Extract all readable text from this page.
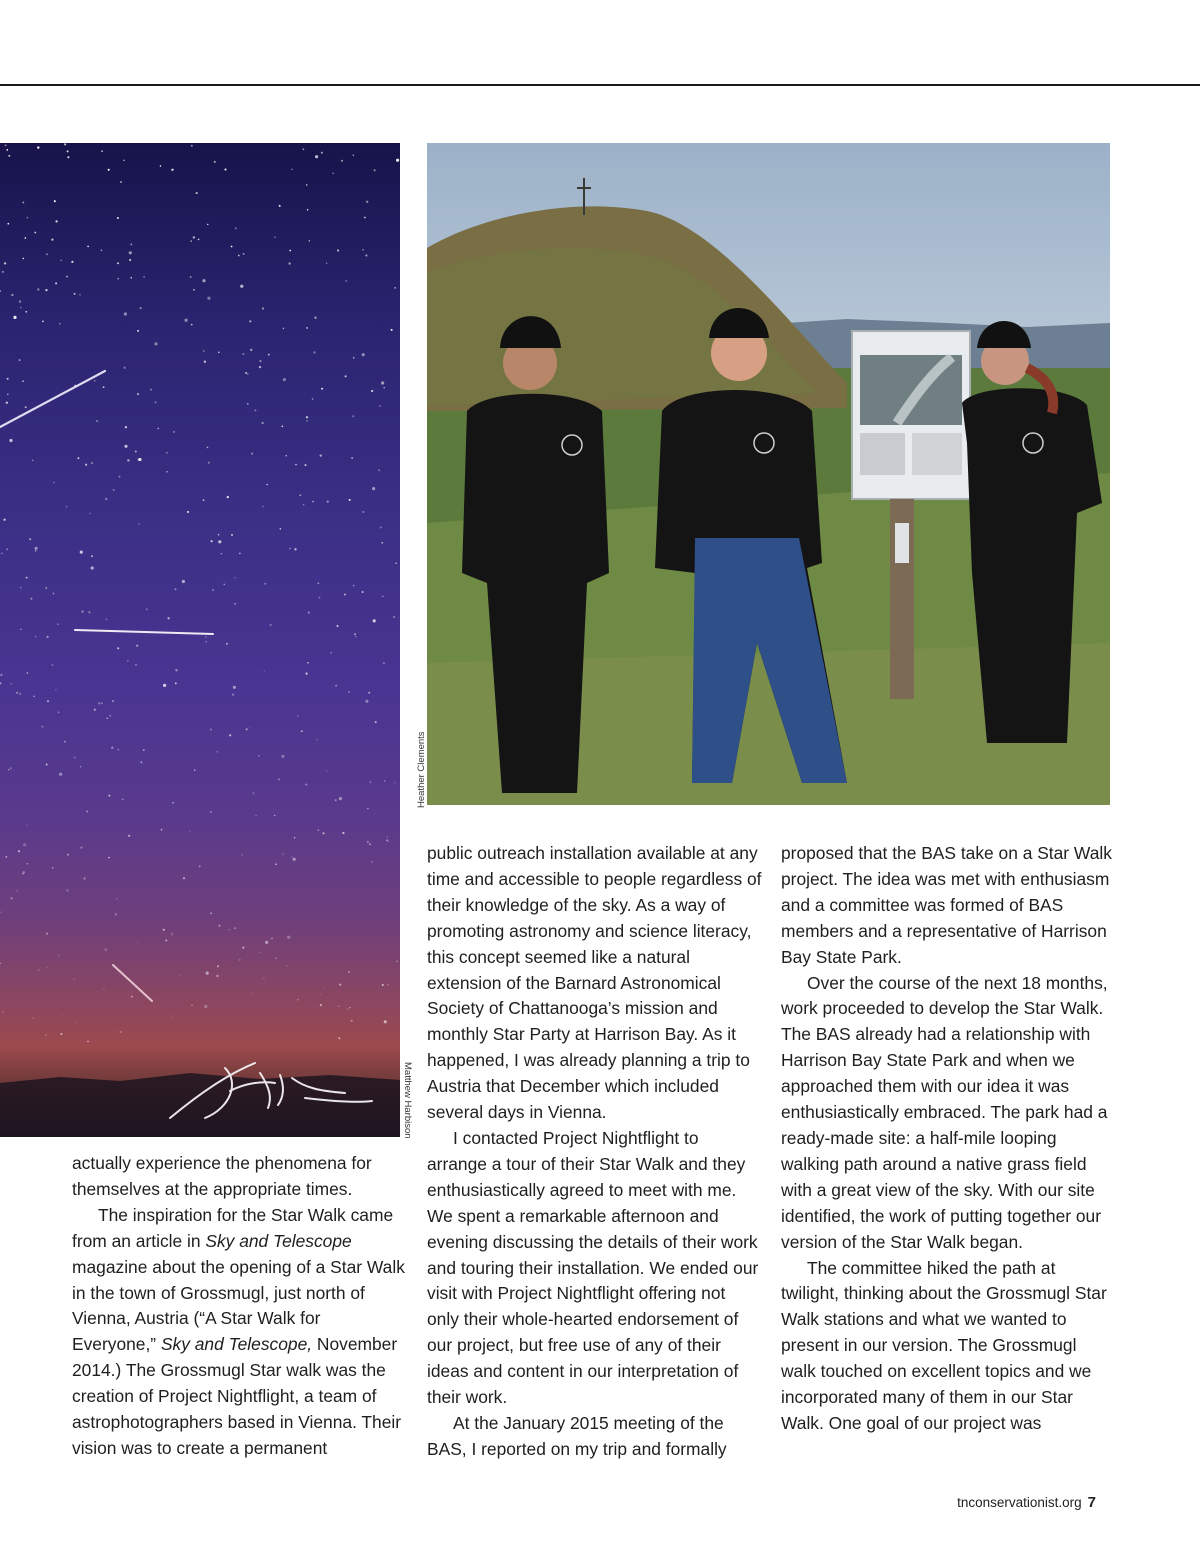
Matthew Harbison
Heather Clements

actually experience the phenomena for themselves at the appropriate times.

The inspiration for the Star Walk came from an article in Sky and Telescope magazine about the opening of a Star Walk in the town of Grossmugl, just north of Vienna, Austria (“A Star Walk for Everyone,” Sky and Telescope, November 2014.) The Grossmugl Star walk was the creation of Project Nightflight, a team of astrophotographers based in Vienna. Their vision was to create a permanent

public outreach installation available at any time and accessible to people regardless of their knowledge of the sky. As a way of promoting astronomy and science literacy, this concept seemed like a natural extension of the Barnard Astronomical Society of Chattanooga’s mission and monthly Star Party at Harrison Bay. As it happened, I was already planning a trip to Austria that December which included several days in Vienna.

I contacted Project Nightflight to arrange a tour of their Star Walk and they enthusiastically agreed to meet with me. We spent a remarkable afternoon and evening discussing the details of their work and touring their installation. We ended our visit with Project Nightflight offering not only their whole-hearted endorsement of our project, but free use of any of their ideas and content in our interpretation of their work.

At the January 2015 meeting of the BAS, I reported on my trip and formally

proposed that the BAS take on a Star Walk project. The idea was met with enthusiasm and a committee was formed of BAS members and a representative of Harrison Bay State Park.

Over the course of the next 18 months, work proceeded to develop the Star Walk. The BAS already had a relationship with Harrison Bay State Park and when we approached them with our idea it was enthusiastically embraced. The park had a ready-made site: a half-mile looping walking path around a native grass field with a great view of the sky. With our site identified, the work of putting together our version of the Star Walk began.

The committee hiked the path at twilight, thinking about the Grossmugl Star Walk stations and what we wanted to present in our version. The Grossmugl walk touched on excellent topics and we incorporated many of them in our Star Walk. One goal of our project was

tnconservationist.org 7
